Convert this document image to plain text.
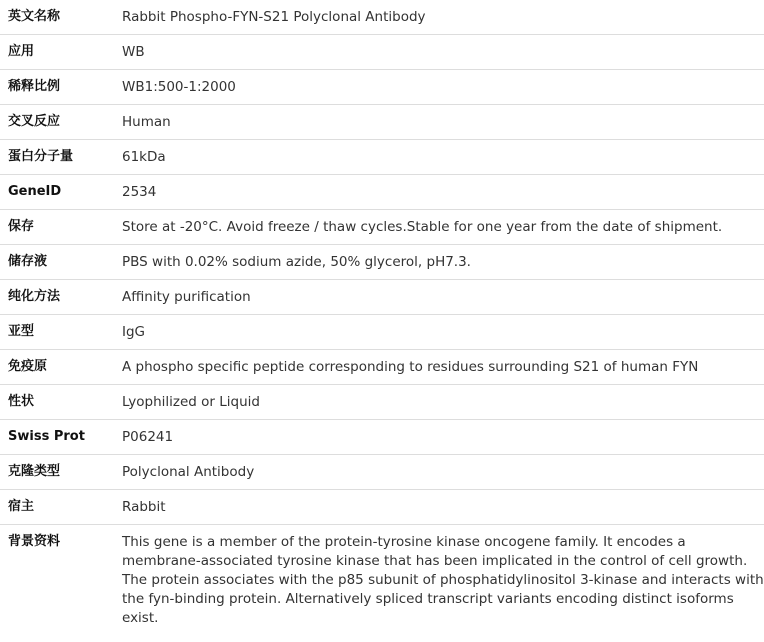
英文名称	Rabbit Phospho-FYN-S21 Polyclonal Antibody
应用	WB
稀释比例	WB1:500-1:2000
交叉反应	Human
蛋白分子量	61kDa
GeneID	2534
保存	Store at -20°C. Avoid freeze / thaw cycles.Stable for one year from the date of shipment.
储存液	PBS with 0.02% sodium azide, 50% glycerol, pH7.3.
纯化方法	Affinity purification
亚型	IgG
免疫原	A phospho specific peptide corresponding to residues surrounding S21 of human FYN
性状	Lyophilized or Liquid
Swiss Prot	P06241
克隆类型	Polyclonal Antibody
宿主	Rabbit
背景资料	This gene is a member of the protein-tyrosine kinase oncogene family. It encodes a membrane-associated tyrosine kinase that has been implicated in the control of cell growth. The protein associates with the p85 subunit of phosphatidylinositol 3-kinase and interacts with the fyn-binding protein. Alternatively spliced transcript variants encoding distinct isoforms exist.
